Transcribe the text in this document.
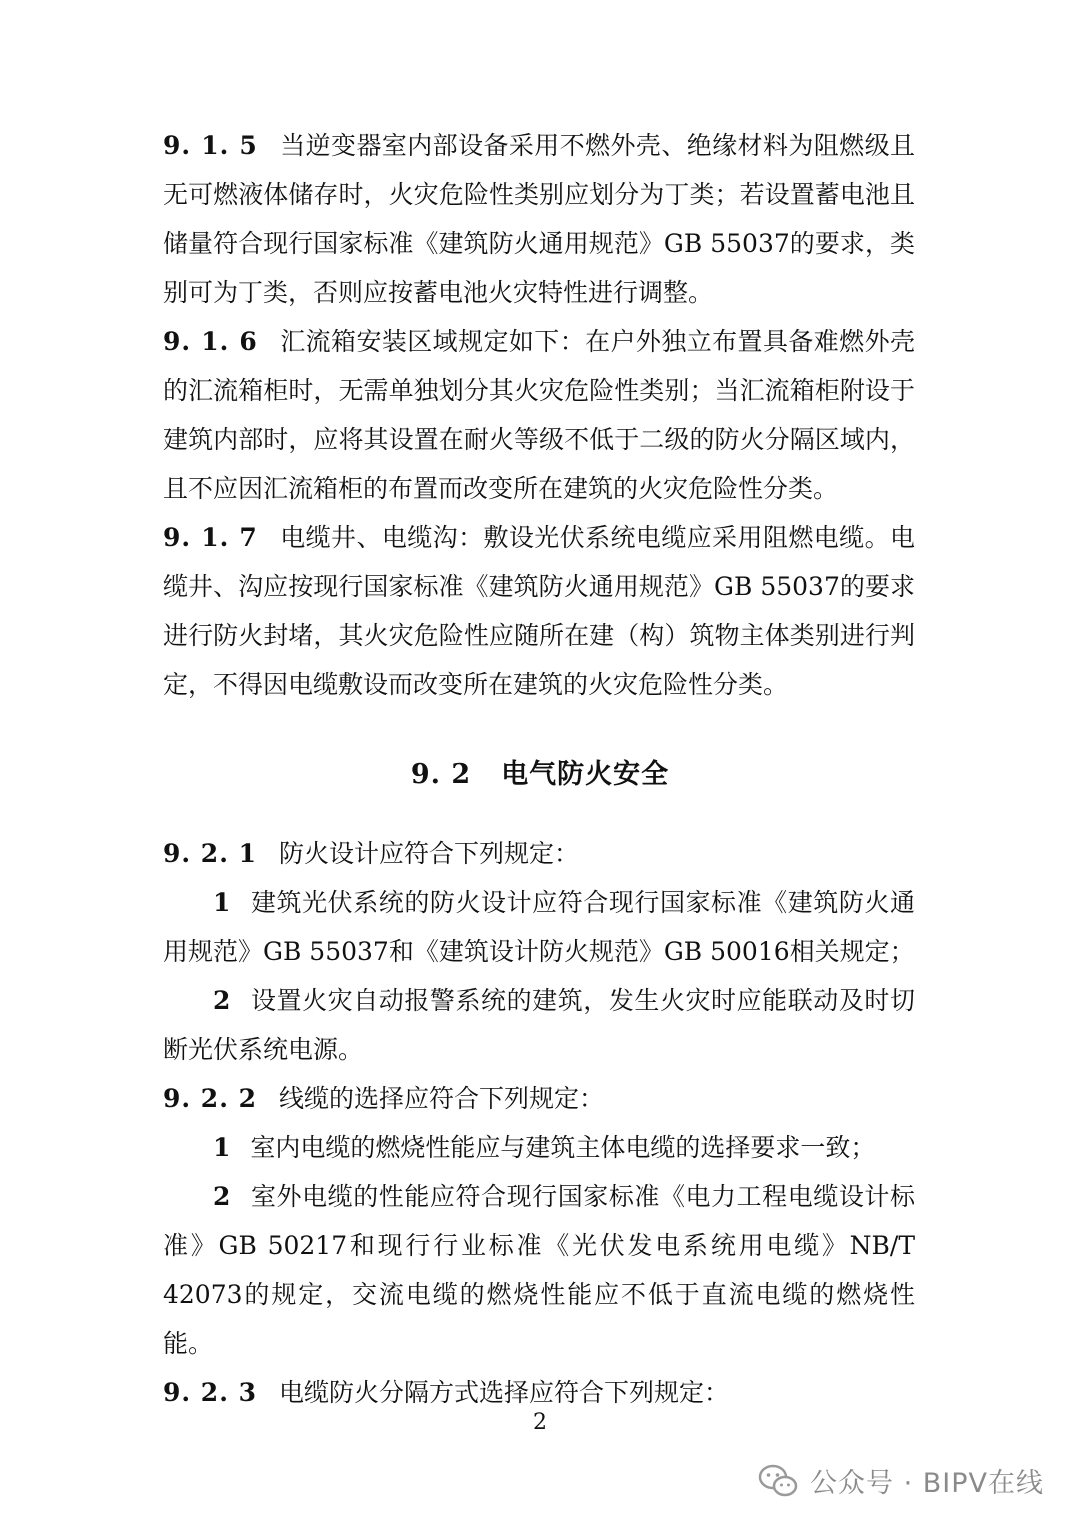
9. 1. 5 当逆变器室内部设备采用不燃外壳、绝缘材料为阻燃级且无可燃液体储存时，火灾危险性类别应划分为丁类；若设置蓄电池且储量符合现行国家标准《建筑防火通用规范》GB 55037的要求，类别可为丁类，否则应按蓄电池火灾特性进行调整。

9. 1. 6 汇流箱安装区域规定如下：在户外独立布置具备难燃外壳的汇流箱柜时，无需单独划分其火灾危险性类别；当汇流箱柜附设于建筑内部时，应将其设置在耐火等级不低于二级的防火分隔区域内，且不应因汇流箱柜的布置而改变所在建筑的火灾危险性分类。

9. 1. 7 电缆井、电缆沟：敷设光伏系统电缆应采用阻燃电缆。电缆井、沟应按现行国家标准《建筑防火通用规范》GB 55037的要求进行防火封堵，其火灾危险性应随所在建（构）筑物主体类别进行判定，不得因电缆敷设而改变所在建筑的火灾危险性分类。

9. 2 电气防火安全

9. 2. 1 防火设计应符合下列规定：

1 建筑光伏系统的防火设计应符合现行国家标准《建筑防火通用规范》GB 55037和《建筑设计防火规范》GB 50016相关规定；

2 设置火灾自动报警系统的建筑，发生火灾时应能联动及时切断光伏系统电源。

9. 2. 2 线缆的选择应符合下列规定：

1 室内电缆的燃烧性能应与建筑主体电缆的选择要求一致；

2 室外电缆的性能应符合现行国家标准《电力工程电缆设计标准》GB 50217和现行行业标准《光伏发电系统用电缆》NB/T 42073的规定，交流电缆的燃烧性能应不低于直流电缆的燃烧性能。

9. 2. 3 电缆防火分隔方式选择应符合下列规定：

2
公众号 · BIPV在线
